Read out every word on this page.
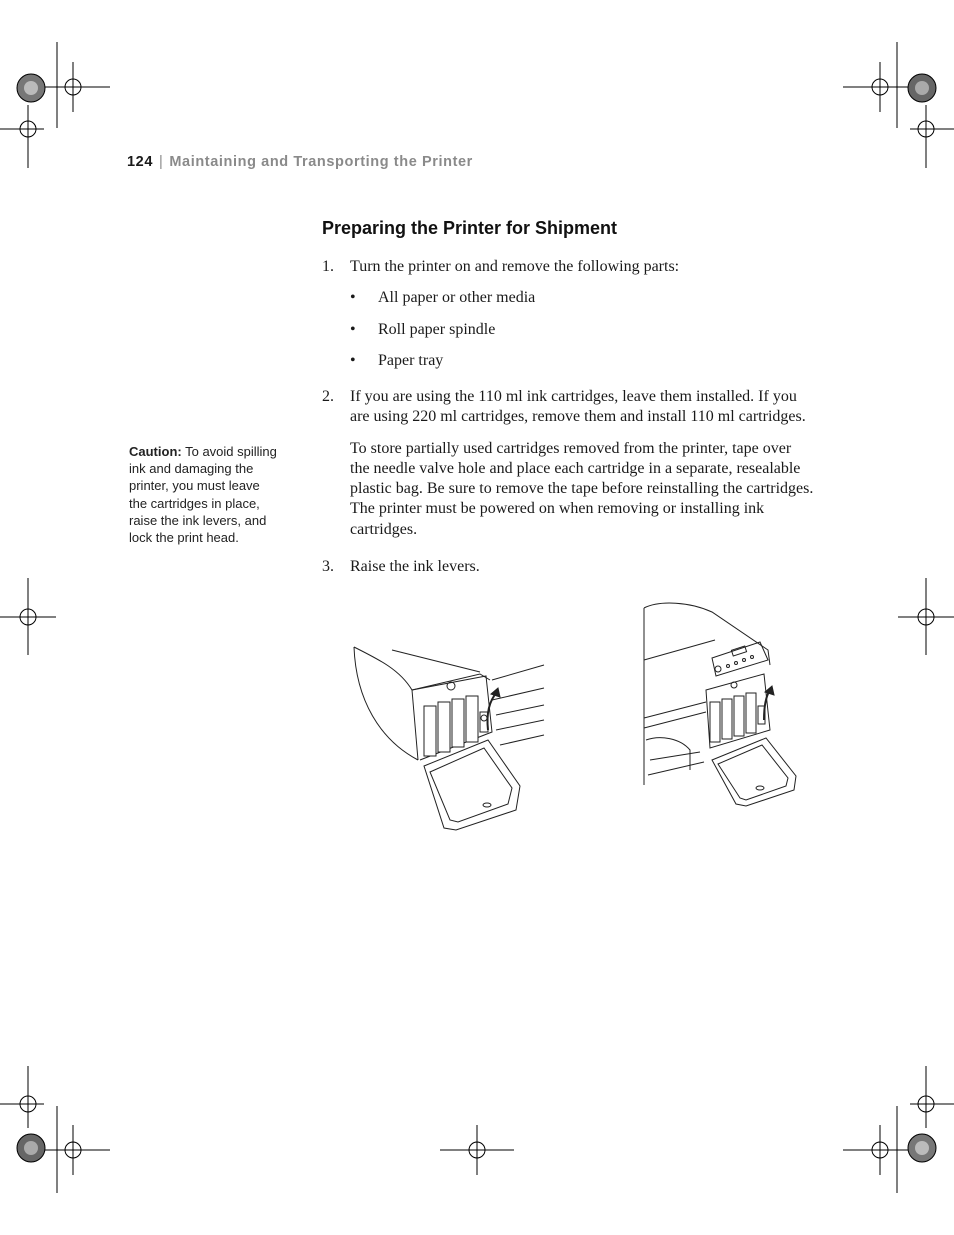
124 | Maintaining and Transporting the Printer
Preparing the Printer for Shipment
1.	Turn the printer on and remove the following parts:
• All paper or other media
• Roll paper spindle
• Paper tray
2.	If you are using the 110 ml ink cartridges, leave them installed. If you
are using 220 ml cartridges, remove them and install 110 ml cartridges.
To store partially used cartridges removed from the printer, tape over
the needle valve hole and place each cartridge in a separate, resealable
plastic bag. Be sure to remove the tape before reinstalling the cartridges.
The printer must be powered on when removing or installing ink
cartridges.
3.	Raise the ink levers.
Caution: To avoid spilling
ink and damaging the
printer, you must leave
the cartridges in place,
raise the ink levers, and
lock the print head.
